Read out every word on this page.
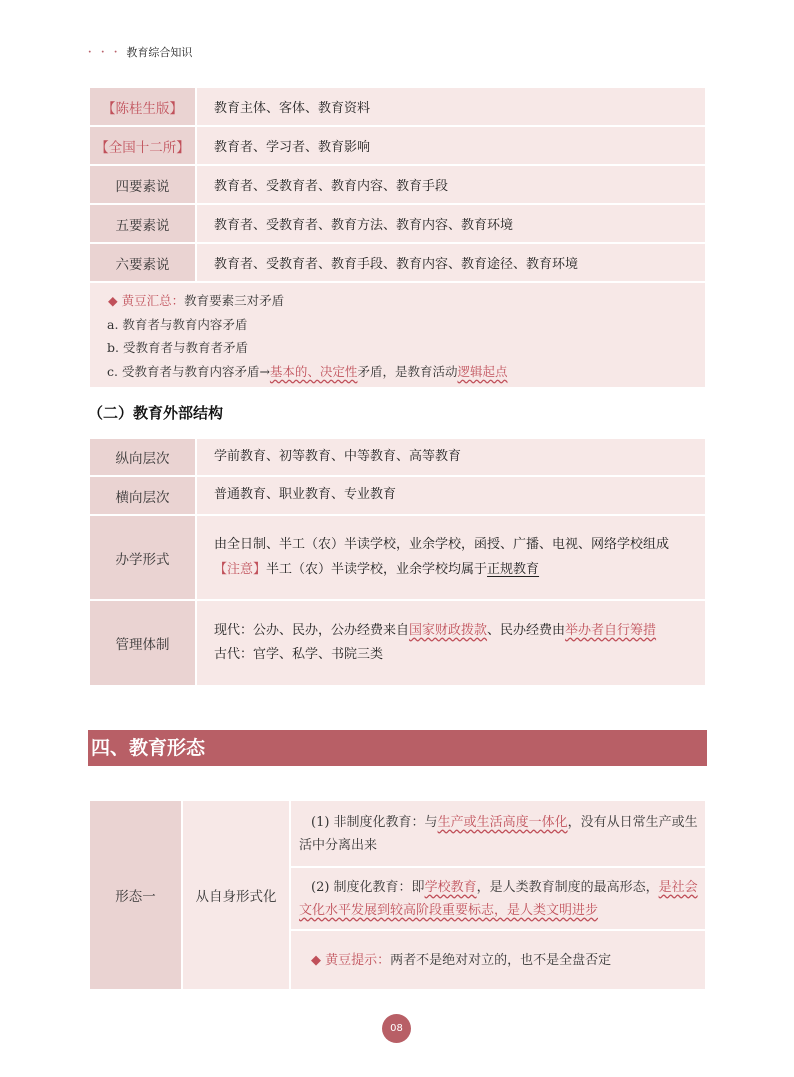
· · · 教育综合知识
【陈桂生版】	教育主体、客体、教育资料
【全国十二所】	教育者、学习者、教育影响
四要素说	教育者、受教育者、教育内容、教育手段
五要素说	教育者、受教育者、教育方法、教育内容、教育环境
六要素说	教育者、受教育者、教育手段、教育内容、教育途径、教育环境

◆ 黄豆汇总：教育要素三对矛盾
a. 教育者与教育内容矛盾
b. 受教育者与教育者矛盾
c. 受教育者与教育内容矛盾→基本的、决定性矛盾，是教育活动逻辑起点	
（二）教育外部结构
纵向层次	学前教育、初等教育、中等教育、高等教育
横向层次	普通教育、职业教育、专业教育
办学形式	由全日制、半工（农）半读学校，业余学校，函授、广播、电视、网络学校组成
【注意】半工（农）半读学校，业余学校均属于正规教育

管理体制	现代：公办、民办，公办经费来自国家财政拨款、民办经费由举办者自行筹措
古代：官学、私学、书院三类
四、教育形态
形态一	从自身形式化	(1) 非制度化教育：与生产或生活高度一体化，没有从日常生产或生活中分离出来
(2) 制度化教育：即学校教育，是人类教育制度的最高形态，是社会文化水平发展到较高阶段重要标志，是人类文明进步
◆ 黄豆提示：两者不是绝对对立的，也不是全盘否定
08
